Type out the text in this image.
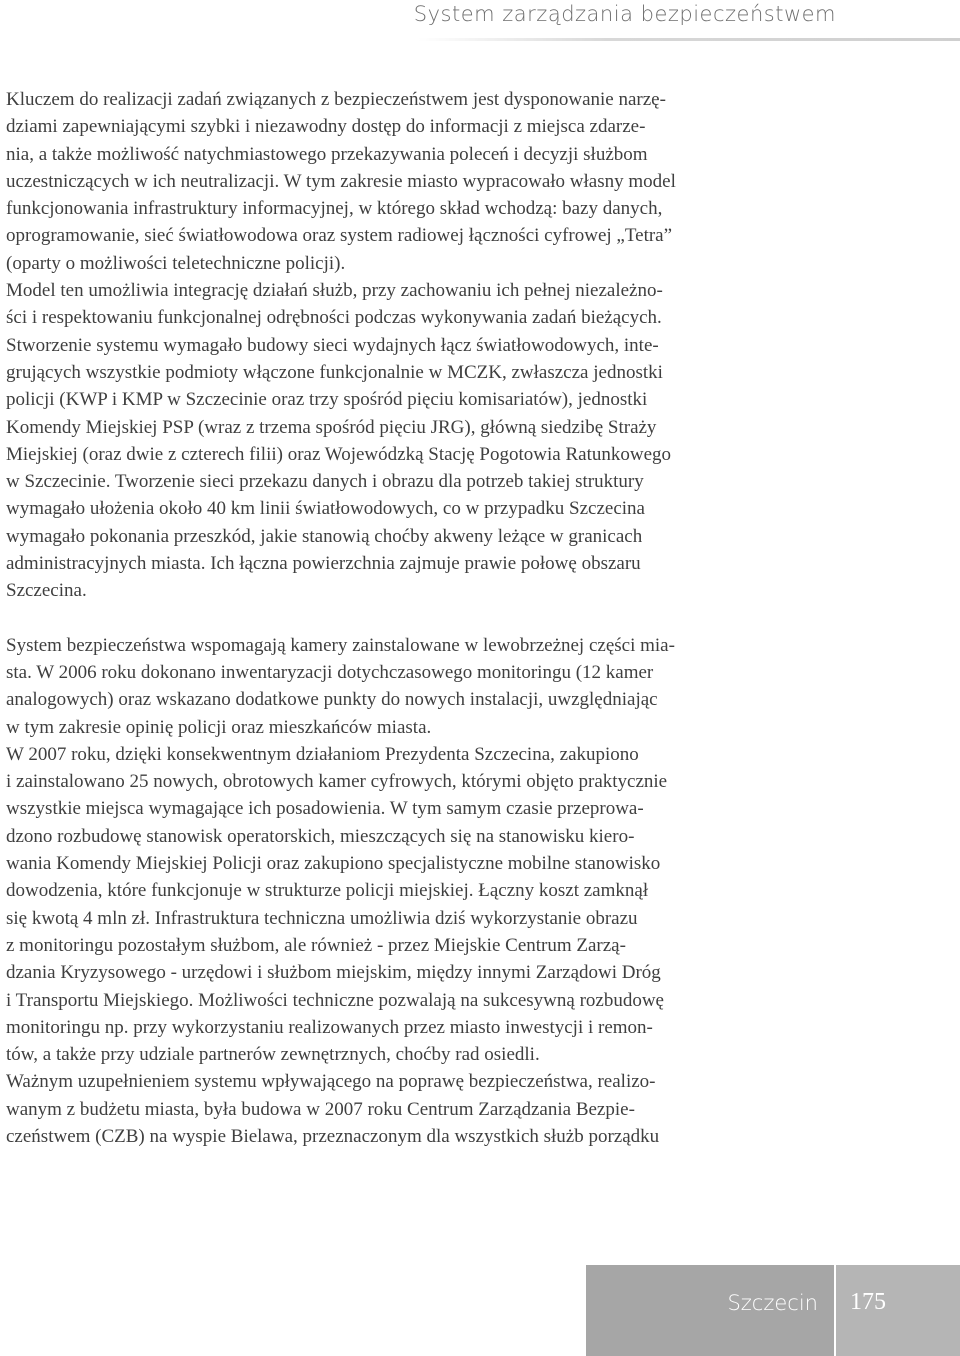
System zarządzania bezpieczeństwem

Kluczem do realizacji zadań związanych z bezpieczeństwem jest dysponowanie narzę-
dziami zapewniającymi szybki i niezawodny dostęp do informacji z miejsca zdarze-
nia, a także możliwość natychmiastowego przekazywania poleceń i decyzji służbom
uczestniczących w ich neutralizacji. W tym zakresie miasto wypracowało własny model
funkcjonowania infrastruktury informacyjnej, w którego skład wchodzą: bazy danych,
oprogramowanie, sieć światłowodowa oraz system radiowej łączności cyfrowej „Tetra”
(oparty o możliwości teletechniczne policji).

Model ten umożliwia integrację działań służb, przy zachowaniu ich pełnej niezależno-
ści i respektowaniu funkcjonalnej odrębności podczas wykonywania zadań bieżących.

Stworzenie systemu wymagało budowy sieci wydajnych łącz światłowodowych, inte-
grujących wszystkie podmioty włączone funkcjonalnie w MCZK, zwłaszcza jednostki
policji (KWP i KMP w Szczecinie oraz trzy spośród pięciu komisariatów), jednostki
Komendy Miejskiej PSP (wraz z trzema spośród pięciu JRG), główną siedzibę Straży
Miejskiej (oraz dwie z czterech filii) oraz Wojewódzką Stację Pogotowia Ratunkowego
w Szczecinie. Tworzenie sieci przekazu danych i obrazu dla potrzeb takiej struktury
wymagało ułożenia około 40 km linii światłowodowych, co w przypadku Szczecina
wymagało pokonania przeszkód, jakie stanowią choćby akweny leżące w granicach
administracyjnych miasta. Ich łączna powierzchnia zajmuje prawie połowę obszaru
Szczecina.

System bezpieczeństwa wspomagają kamery zainstalowane w lewobrzeżnej części mia-
sta. W 2006 roku dokonano inwentaryzacji dotychczasowego monitoringu (12 kamer
analogowych) oraz wskazano dodatkowe punkty do nowych instalacji, uwzględniając
w tym zakresie opinię policji oraz mieszkańców miasta.

W 2007 roku, dzięki konsekwentnym działaniom Prezydenta Szczecina, zakupiono
i zainstalowano 25 nowych, obrotowych kamer cyfrowych, którymi objęto praktycznie
wszystkie miejsca wymagające ich posadowienia. W tym samym czasie przeprowa-
dzono rozbudowę stanowisk operatorskich, mieszczących się na stanowisku kiero-
wania Komendy Miejskiej Policji oraz zakupiono specjalistyczne mobilne stanowisko
dowodzenia, które funkcjonuje w strukturze policji miejskiej. Łączny koszt zamknął
się kwotą 4 mln zł. Infrastruktura techniczna umożliwia dziś wykorzystanie obrazu
z monitoringu pozostałym służbom, ale również - przez Miejskie Centrum Zarzą-
dzania Kryzysowego - urzędowi i służbom miejskim, między innymi Zarządowi Dróg
i Transportu Miejskiego. Możliwości techniczne pozwalają na sukcesywną rozbudowę
monitoringu np. przy wykorzystaniu realizowanych przez miasto inwestycji i remon-
tów, a także przy udziale partnerów zewnętrznych, choćby rad osiedli.

Ważnym uzupełnieniem systemu wpływającego na poprawę bezpieczeństwa, realizo-
wanym z budżetu miasta, była budowa w 2007 roku Centrum Zarządzania Bezpie-
czeństwem (CZB) na wyspie Bielawa, przeznaczonym dla wszystkich służb porządku

Szczecin 175
